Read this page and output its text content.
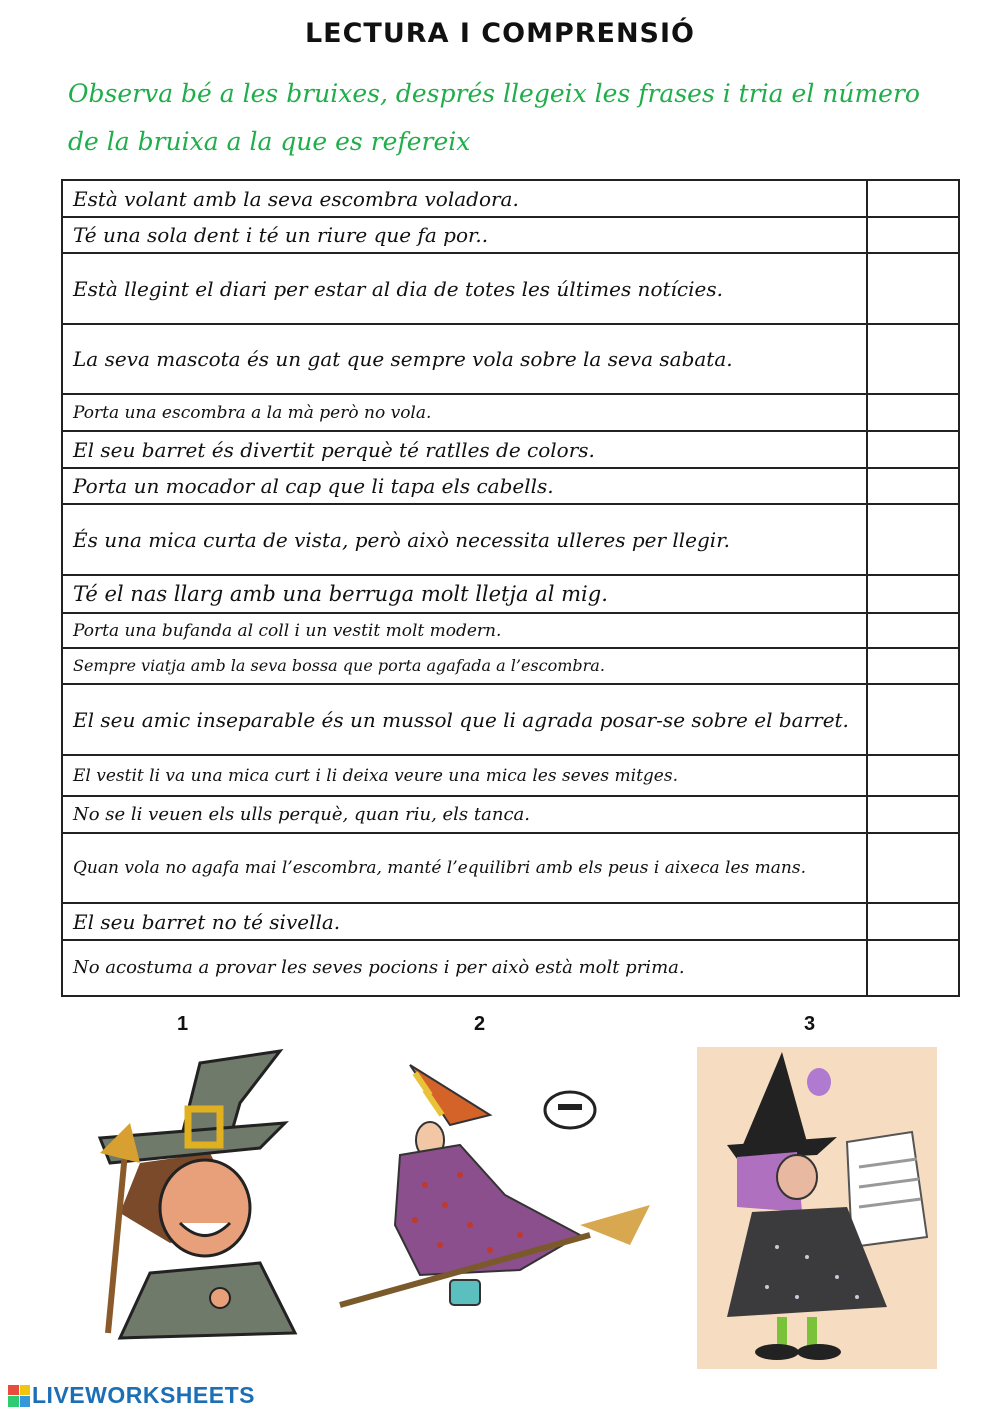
LECTURA I COMPRENSIÓ
Observa bé a les bruixes, després llegeix les frases i tria el número de la bruixa a la que es refereix
Està volant amb la seva escombra voladora.	
Té una sola dent i té un riure que fa por..	
Està llegint el diari per estar al dia de totes les últimes notícies.	
La seva mascota és un gat que sempre vola sobre la seva sabata.	
Porta una escombra a la mà però no vola.	
El seu barret és divertit perquè té ratlles de colors.	
Porta un mocador al cap que li tapa els cabells.	
És una mica curta de vista, però això necessita ulleres per llegir.	
Té el nas llarg amb una berruga molt lletja al mig.	
Porta una bufanda al coll i un vestit molt modern.	
Sempre viatja amb la seva bossa que porta agafada a l’escombra.	
El seu amic inseparable és un mussol que li agrada posar-se sobre el barret.	
El vestit li va una mica curt i li deixa veure una mica les seves mitges.	
No se li veuen els ulls perquè, quan riu, els tanca.	
Quan vola no agafa mai l’escombra, manté l’equilibri amb els peus i aixeca les mans.	
El seu barret no té sivella.	
No acostuma a provar les seves pocions i per això està molt prima.	
1	2	3
LIVEWORKSHEETS
